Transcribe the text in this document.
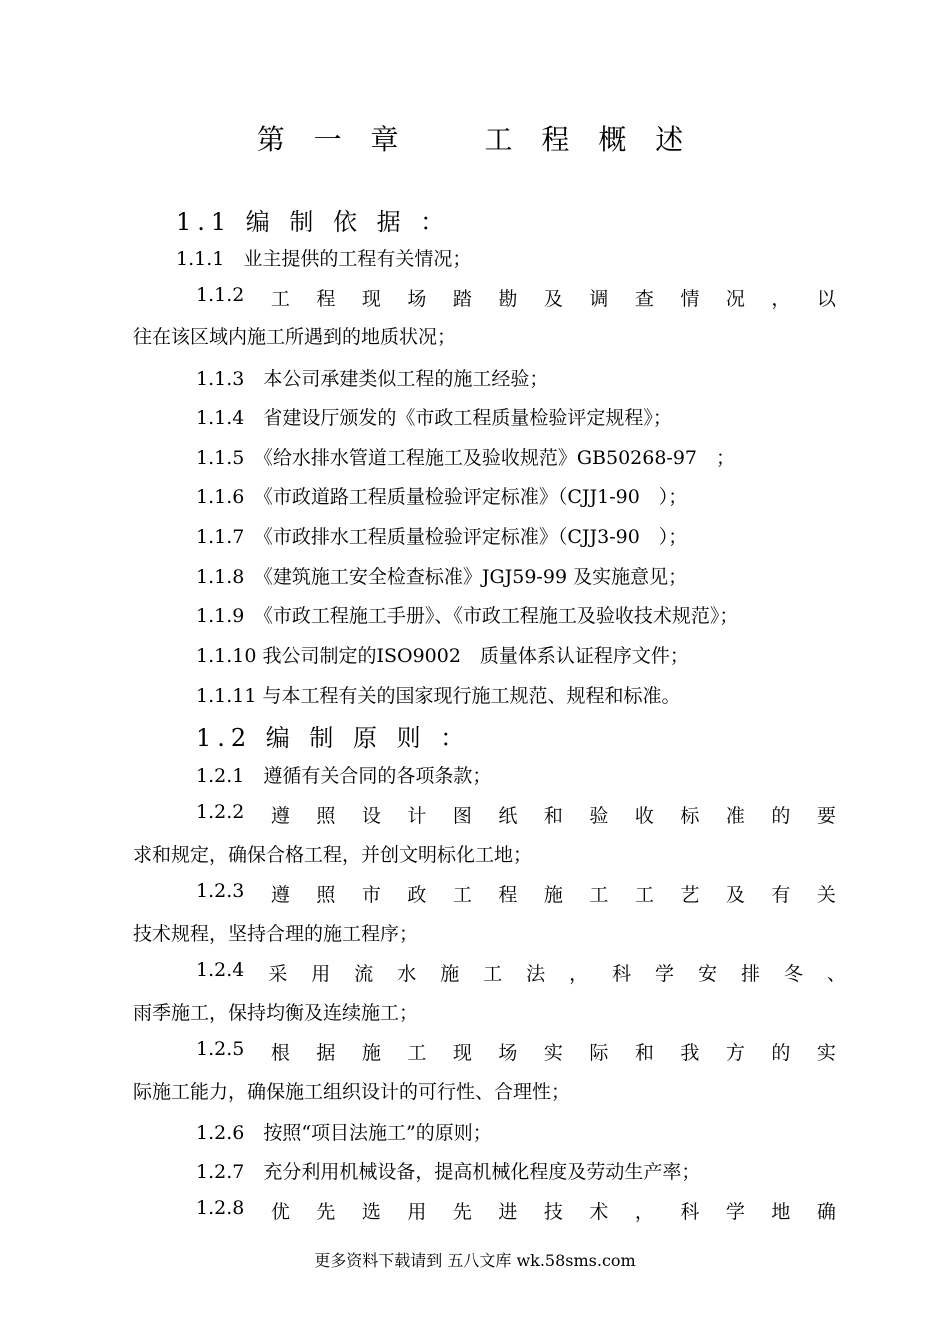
第 一 章　　工 程 概 述
1.1 编 制 依 据 ：
1.1.1　业主提供的工程有关情况；
1.1.2 工 程 现 场 踏 勘 及 调 查 情 况 ， 以
往在该区域内施工所遇到的地质状况；
1.1.3　本公司承建类似工程的施工经验；
1.1.4　省建设厅颁发的《市政工程质量检验评定规程》；
1.1.5　《给水排水管道工程施工及验收规范》GB50268-97　；
1.1.6　《市政道路工程质量检验评定标准》（CJJ1-90　）；
1.1.7　《市政排水工程质量检验评定标准》（CJJ3-90　）；
1.1.8　《建筑施工安全检查标准》JGJ59-99 及实施意见；
1.1.9　《市政工程施工手册》、《市政工程施工及验收技术规范》；
1.1.10 我公司制定的ISO9002　质量体系认证程序文件；
1.1.11 与本工程有关的国家现行施工规范、规程和标准。
1.2 编 制 原 则 ：
1.2.1　遵循有关合同的各项条款；
1.2.2 遵 照 设 计 图 纸 和 验 收 标 准 的 要
求和规定，确保合格工程，并创文明标化工地；
1.2.3 遵 照 市 政 工 程 施 工 工 艺 及 有 关
技术规程，坚持合理的施工程序；
1.2.4 采 用 流 水 施 工 法 ， 科 学 安 排 冬 、
雨季施工，保持均衡及连续施工；
1.2.5 根 据 施 工 现 场 实 际 和 我 方 的 实
际施工能力，确保施工组织设计的可行性、合理性；
1.2.6　按照“项目法施工”的原则；
1.2.7　充分利用机械设备，提高机械化程度及劳动生产率；
1.2.8 优 先 选 用 先 进 技 术 ， 科 学 地 确
更多资料下载请到 五八文库 wk.58sms.com
